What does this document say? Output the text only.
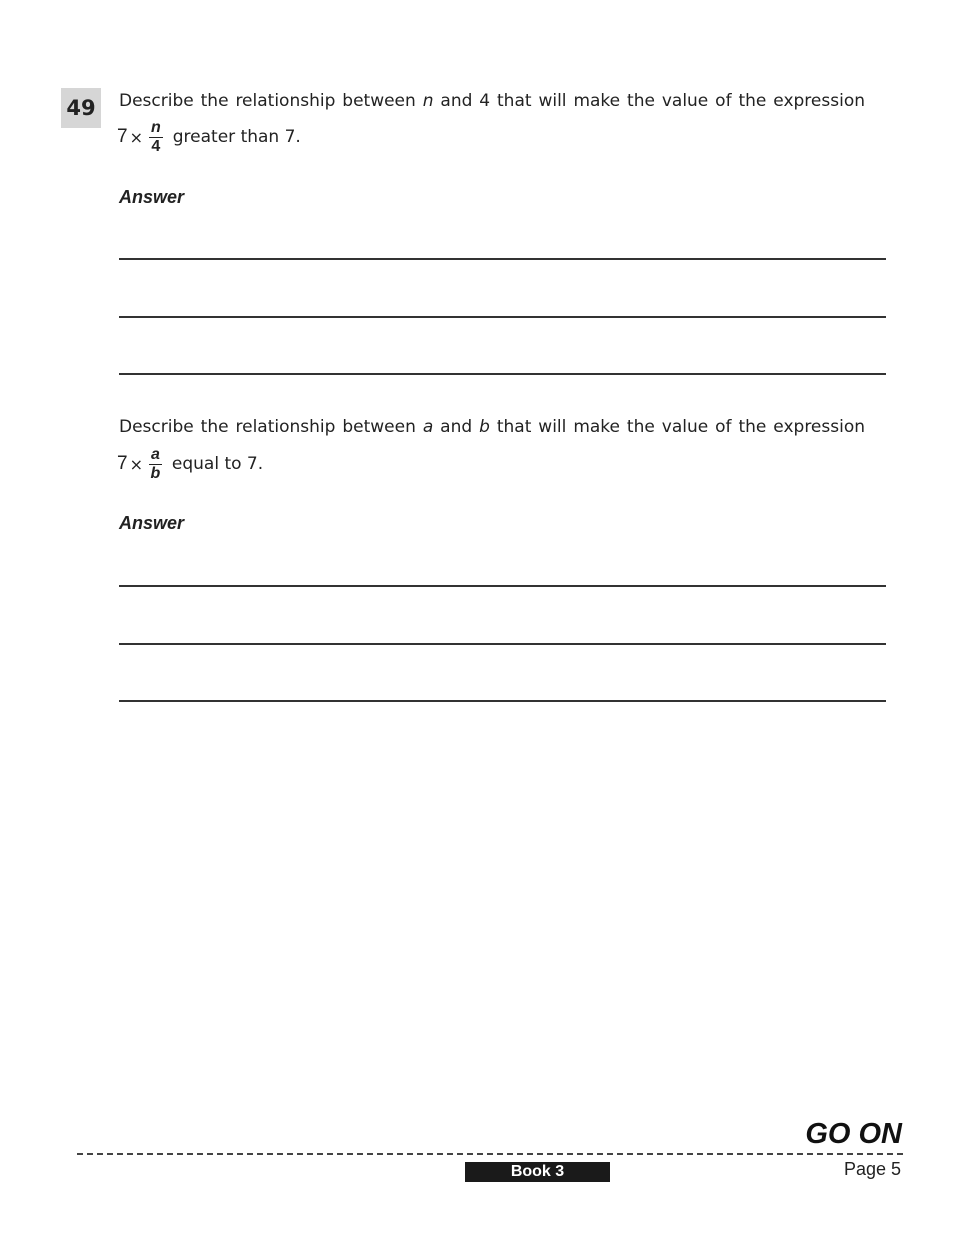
49	Describe the relationship between n and 4 that will make the value of the expression
$7 \times \frac{n}{4}$ greater than 7.
Answer
Describe the relationship between a and b that will make the value of the expression
$7 \times \frac{a}{b}$ equal to 7.
Answer
GO ON
Book 3	Page 5
